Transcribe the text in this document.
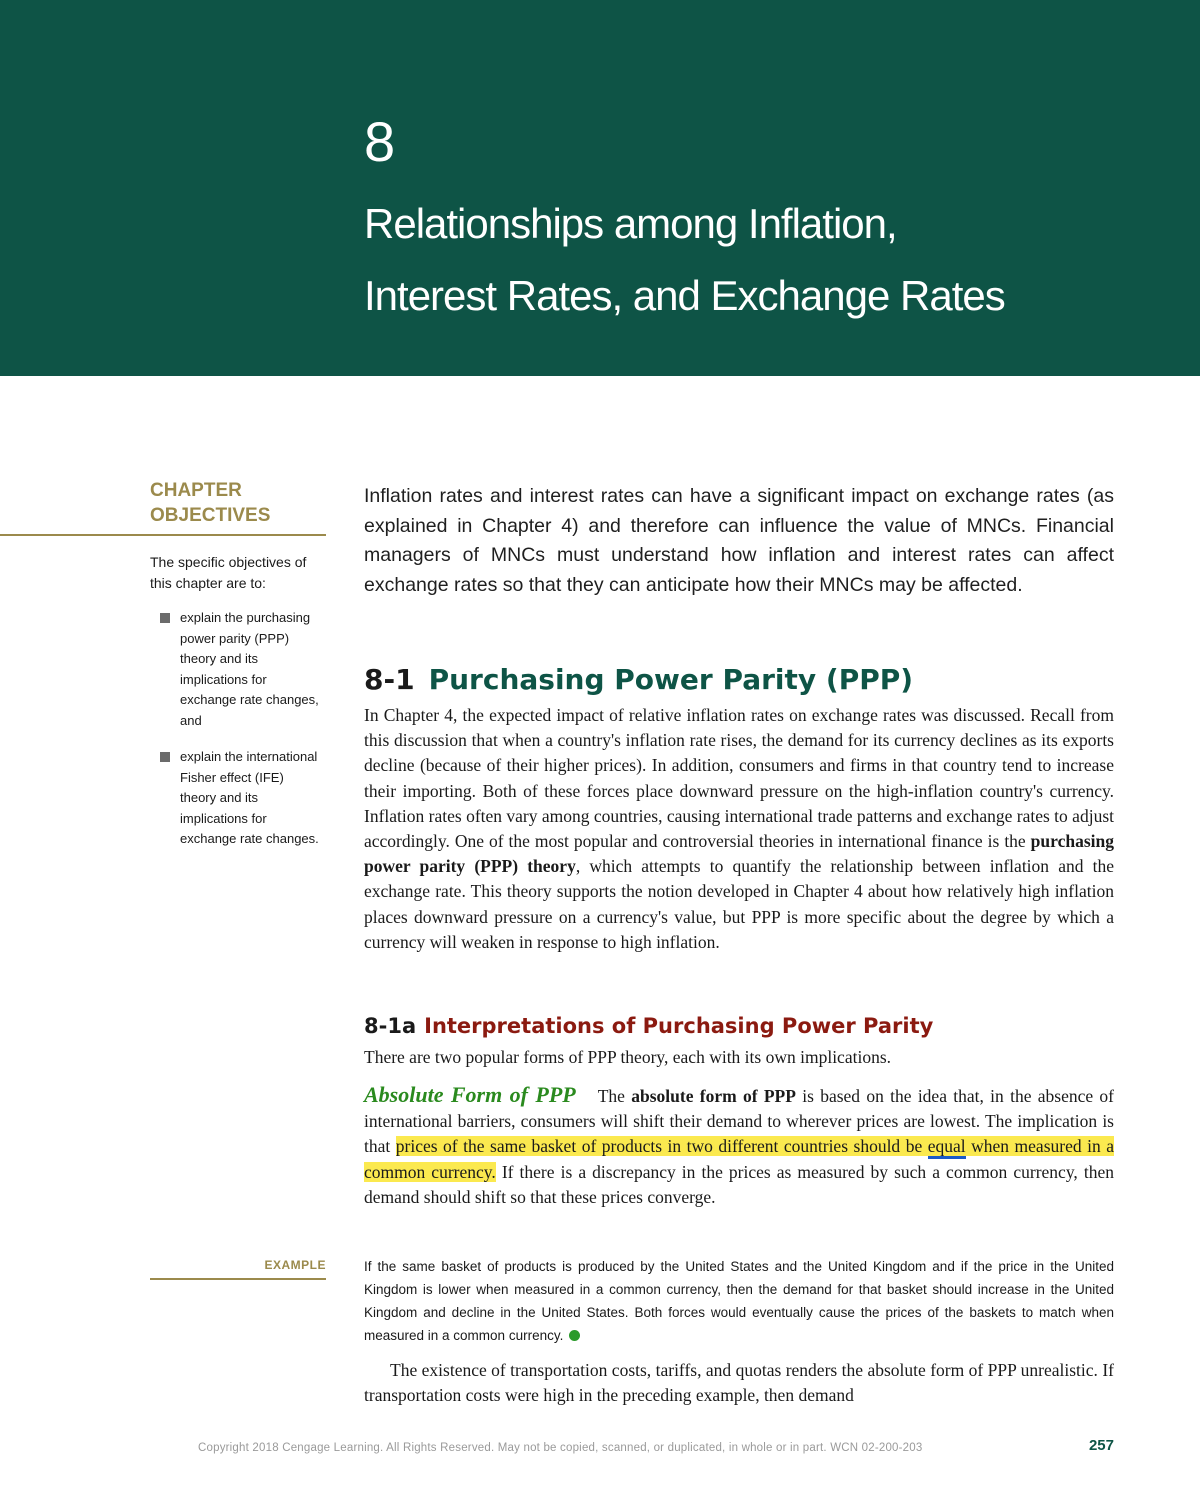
8
Relationships among Inflation,
Interest Rates, and Exchange Rates
CHAPTER
OBJECTIVES

The specific objectives of this chapter are to:

explain the purchasing power parity (PPP) theory and its implications for exchange rate changes, and
explain the international Fisher effect (IFE) theory and its implications for exchange rate changes.
EXAMPLE

Inflation rates and interest rates can have a significant impact on exchange rates (as explained in Chapter 4) and therefore can influence the value of MNCs. Financial managers of MNCs must understand how inflation and interest rates can affect exchange rates so that they can anticipate how their MNCs may be affected.

8-1 Purchasing Power Parity (PPP)

In Chapter 4, the expected impact of relative inflation rates on exchange rates was discussed. Recall from this discussion that when a country's inflation rate rises, the demand for its currency declines as its exports decline (because of their higher prices). In addition, consumers and firms in that country tend to increase their importing. Both of these forces place downward pressure on the high-inflation country's currency. Inflation rates often vary among countries, causing international trade patterns and exchange rates to adjust accordingly. One of the most popular and controversial theories in international finance is the purchasing power parity (PPP) theory, which attempts to quantify the relationship between inflation and the exchange rate. This theory supports the notion developed in Chapter 4 about how relatively high inflation places downward pressure on a currency's value, but PPP is more specific about the degree by which a currency will weaken in response to high inflation.

8-1a Interpretations of Purchasing Power Parity

There are two popular forms of PPP theory, each with its own implications.

Absolute Form of PPP The absolute form of PPP is based on the idea that, in the absence of international barriers, consumers will shift their demand to wherever prices are lowest. The implication is that prices of the same basket of products in two different countries should be equal when measured in a common currency. If there is a discrepancy in the prices as measured by such a common currency, then demand should shift so that these prices converge.

If the same basket of products is produced by the United States and the United Kingdom and if the price in the United Kingdom is lower when measured in a common currency, then the demand for that basket should increase in the United Kingdom and decline in the United States. Both forces would eventually cause the prices of the baskets to match when measured in a common currency.

The existence of transportation costs, tariffs, and quotas renders the absolute form of PPP unrealistic. If transportation costs were high in the preceding example, then demand

Copyright 2018 Cengage Learning. All Rights Reserved. May not be copied, scanned, or duplicated, in whole or in part. WCN 02-200-203	257
